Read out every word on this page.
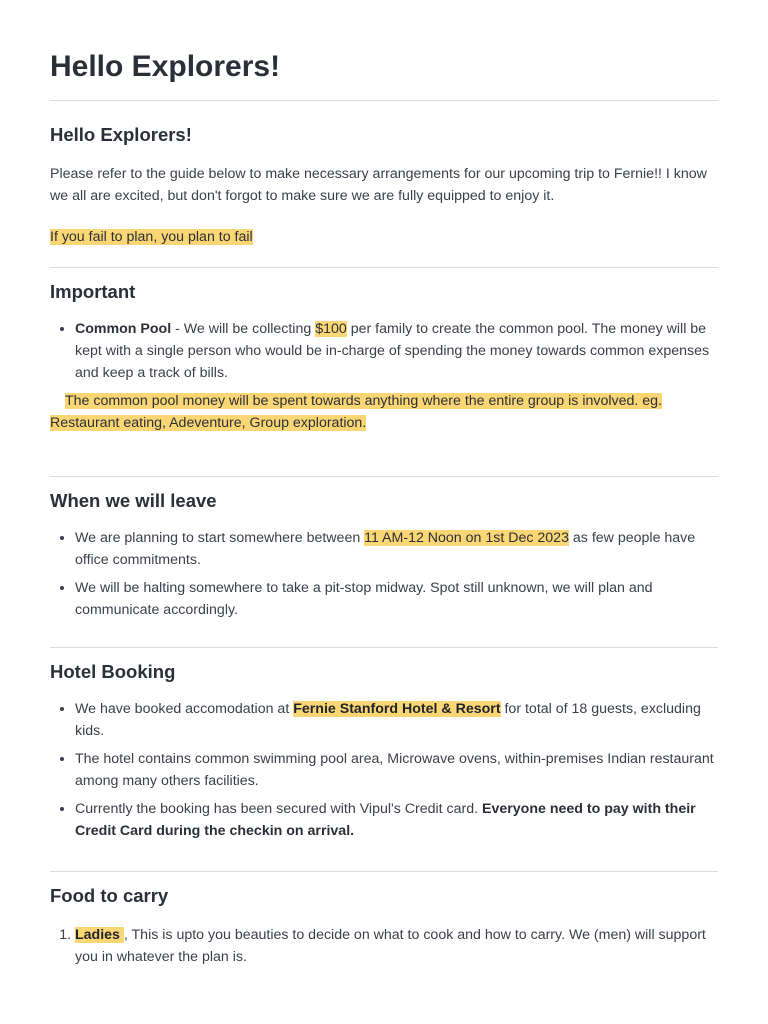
Hello Explorers!
Hello Explorers!

Please refer to the guide below to make necessary arrangements for our upcoming trip to Fernie!! I know we all are excited, but don't forgot to make sure we are fully equipped to enjoy it.

If you fail to plan, you plan to fail

Important
• Common Pool - We will be collecting $100 per family to create the common pool. The money will be kept with a single person who would be in-charge of spending the money towards common expenses and keep a track of bills.

The common pool money will be spent towards anything where the entire group is involved. eg. Restaurant eating, Adeventure, Group exploration.

When we will leave
• We are planning to start somewhere between 11 AM-12 Noon on 1st Dec 2023 as few people have office commitments.
• We will be halting somewhere to take a pit-stop midway. Spot still unknown, we will plan and communicate accordingly.
Hotel Booking
• We have booked accomodation at Fernie Stanford Hotel & Resort for total of 18 guests, excluding kids.
• The hotel contains common swimming pool area, Microwave ovens, within-premises Indian restaurant among many others facilities.
• Currently the booking has been secured with Vipul's Credit card. Everyone need to pay with their Credit Card during the checkin on arrival.
Food to carry
1. Ladies , This is upto you beauties to decide on what to cook and how to carry. We (men) will support you in whatever the plan is.
